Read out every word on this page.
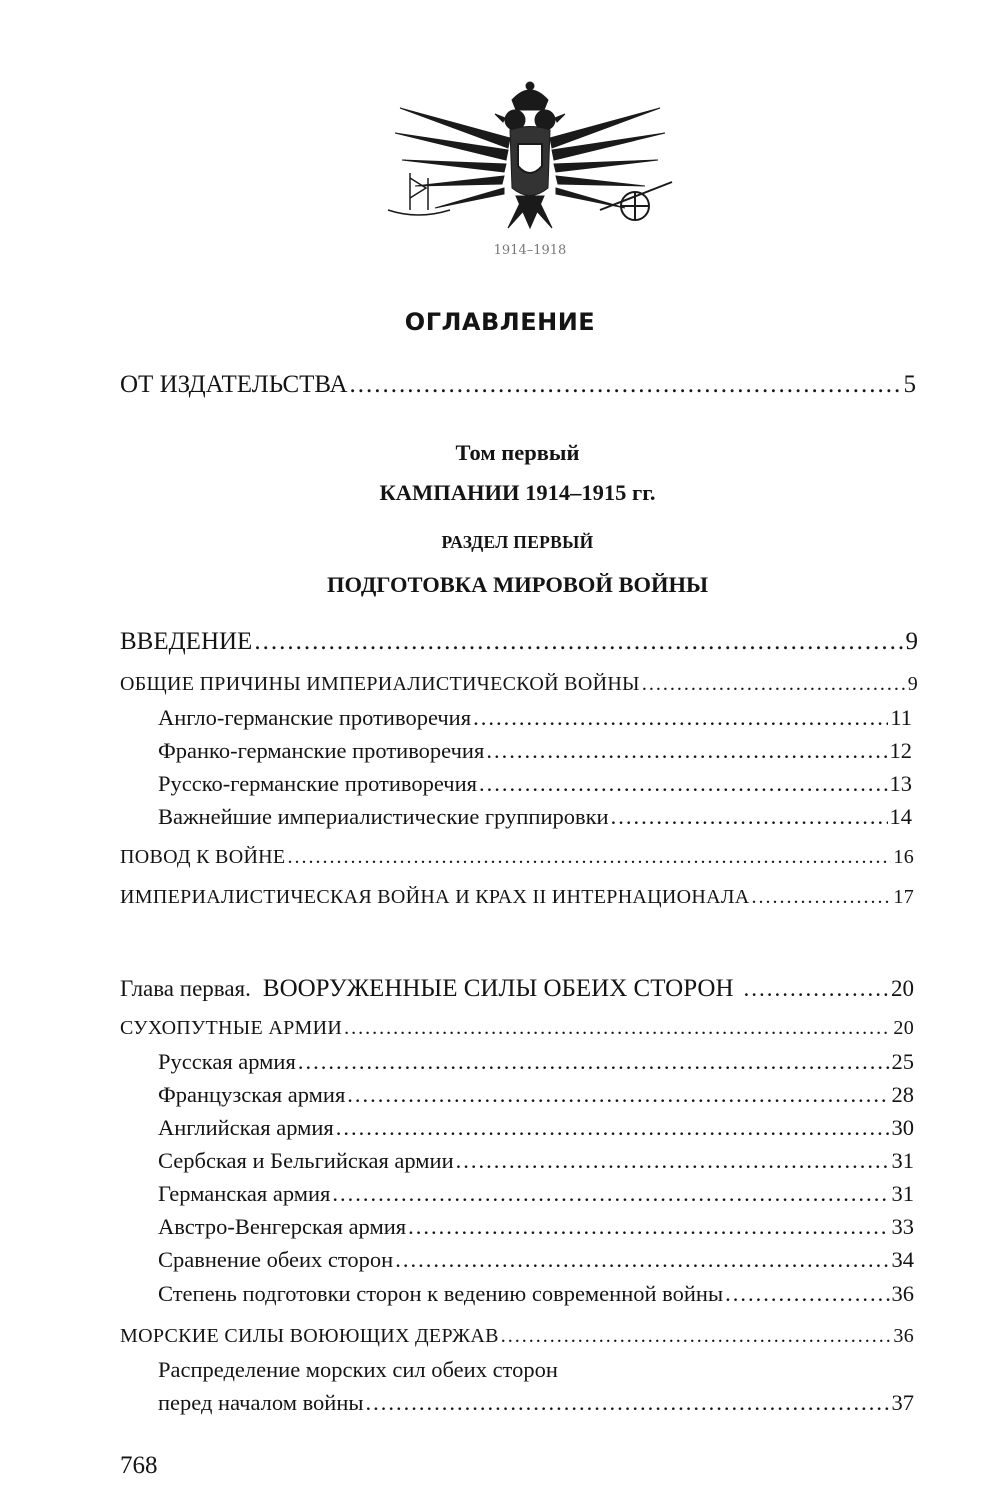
1914–1918
ОГЛАВЛЕНИЕ
ОТ ИЗДАТЕЛЬСТВА .....	5
Том первый
КАМПАНИИ 1914–1915 гг.
РАЗДЕЛ ПЕРВЫЙ
ПОДГОТОВКА МИРОВОЙ ВОЙНЫ
ВВЕДЕНИЕ .....	9
ОБЩИЕ ПРИЧИНЫ ИМПЕРИАЛИСТИЧЕСКОЙ ВОЙНЫ .....	9
Англо-германские противоречия .....	11
Франко-германские противоречия .....	12
Русско-германские противоречия .....	13
Важнейшие империалистические группировки .....	14
ПОВОД К ВОЙНЕ .....	16
ИМПЕРИАЛИСТИЧЕСКАЯ ВОЙНА И КРАХ II ИНТЕРНАЦИОНАЛА .....	17
Глава первая. ВООРУЖЕННЫЕ СИЛЫ ОБЕИХ СТОРОН .....	20
СУХОПУТНЫЕ АРМИИ .....	20
Русская армия .....	25
Французская армия .....	28
Английская армия .....	30
Сербская и Бельгийская армии .....	31
Германская армия .....	31
Австро-Венгерская армия .....	33
Сравнение обеих сторон .....	34
Степень подготовки сторон к ведению современной войны .....	36
МОРСКИЕ СИЛЫ ВОЮЮЩИХ ДЕРЖАВ .....	36
Распределение морских сил обеих сторон
перед началом войны .....	37
768
